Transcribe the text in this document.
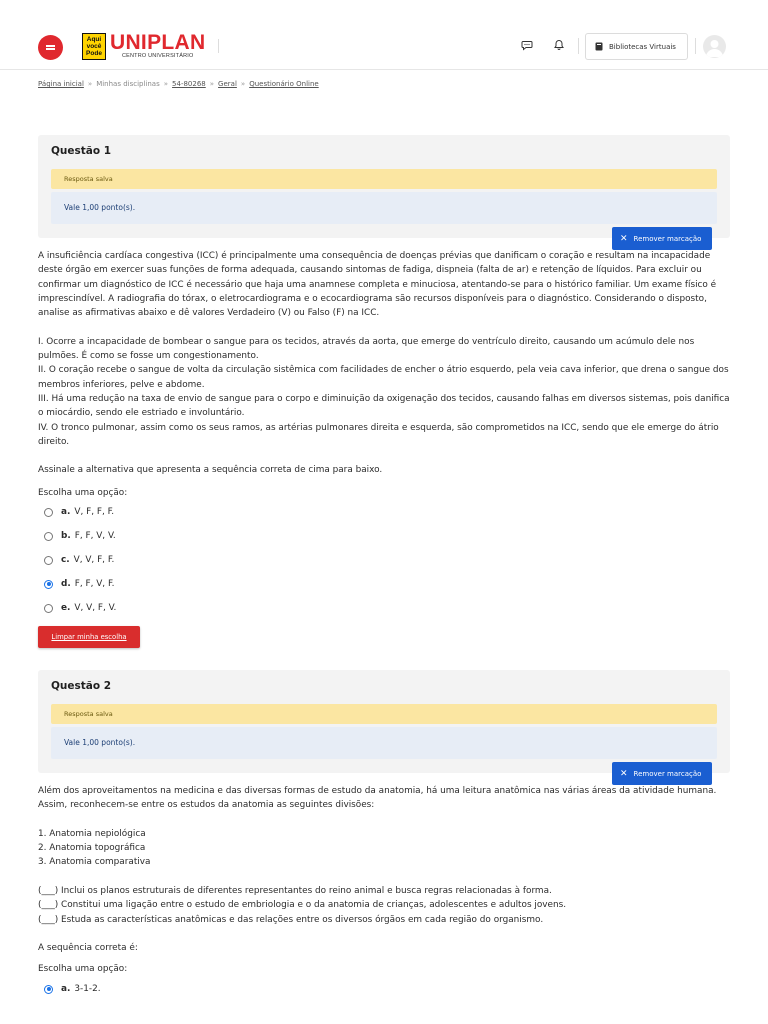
Aqui
você
Pode UNIPLAN
CENTRO UNIVERSITÁRIO
Bibliotecas Virtuais
Página inicial » Minhas disciplinas » 54-80268 » Geral » Questionário Online
Questão 1
Resposta salva
Vale 1,00 ponto(s).
✕ Remover marcação

A insuficiência cardíaca congestiva (ICC) é principalmente uma consequência de doenças prévias que danificam o coração e resultam na incapacidade deste órgão em exercer suas funções de forma adequada, causando sintomas de fadiga, dispneia (falta de ar) e retenção de líquidos. Para excluir ou confirmar um diagnóstico de ICC é necessário que haja uma anamnese completa e minuciosa, atentando-se para o histórico familiar. Um exame físico é imprescindível. A radiografia do tórax, o eletrocardiograma e o ecocardiograma são recursos disponíveis para o diagnóstico. Considerando o disposto, analise as afirmativas abaixo e dê valores Verdadeiro (V) ou Falso (F) na ICC.

I. Ocorre a incapacidade de bombear o sangue para os tecidos, através da aorta, que emerge do ventrículo direito, causando um acúmulo dele nos pulmões. É como se fosse um congestionamento.

II. O coração recebe o sangue de volta da circulação sistêmica com facilidades de encher o átrio esquerdo, pela veia cava inferior, que drena o sangue dos membros inferiores, pelve e abdome.

III. Há uma redução na taxa de envio de sangue para o corpo e diminuição da oxigenação dos tecidos, causando falhas em diversos sistemas, pois danifica o miocárdio, sendo ele estriado e involuntário.

IV. O tronco pulmonar, assim como os seus ramos, as artérias pulmonares direita e esquerda, são comprometidos na ICC, sendo que ele emerge do átrio direito.

Assinale a alternativa que apresenta a sequência correta de cima para baixo.

Escolha uma opção:
a. V, F, F, F.
b. F, F, V, V.
c. V, V, F, F.
d. F, F, V, F.
e. V, V, F, V.
Limpar minha escolha
Questão 2
Resposta salva
Vale 1,00 ponto(s).
✕ Remover marcação

Além dos aproveitamentos na medicina e das diversas formas de estudo da anatomia, há uma leitura anatômica nas várias áreas da atividade humana. Assim, reconhecem-se entre os estudos da anatomia as seguintes divisões:

1. Anatomia nepiológica

2. Anatomia topográfica

3. Anatomia comparativa

(___) Inclui os planos estruturais de diferentes representantes do reino animal e busca regras relacionadas à forma.

(___) Constitui uma ligação entre o estudo de embriologia e o da anatomia de crianças, adolescentes e adultos jovens.

(___) Estuda as características anatômicas e das relações entre os diversos órgãos em cada região do organismo.

A sequência correta é:

Escolha uma opção:
a. 3-1-2.
